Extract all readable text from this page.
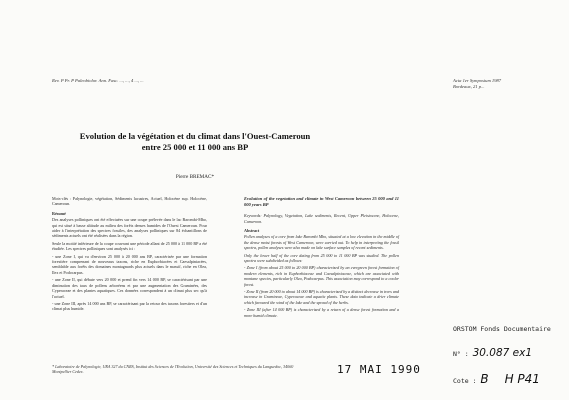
Rev. P Pr. P Paleobiolor. Ann. Fasc. ..., ..., 4 ..., ...	Acta 1er Symposium 1987
Bordeaux, 21 p...
Evolution de la végétation et du climat dans l'Ouest-Cameroun
entre 25 000 et 11 000 ans BP
Pierre BREMAC*
Mots-clés : Palynologie, végétation, Sédiments lacustres, Actuel, Holocène sup. Holocène, Cameroun.
Résumé

Des analyses polliniques ont été effectuées sur une coupe prélevée dans le lac Barombi-Mbo, qui est situé à basse altitude au milieu des forêts denses humides de l'Ouest Cameroun. Pour aider à l'interprétation des spectres fossiles, des analyses polliniques sur 84 échantillons de sédiments actuels ont été réalisées dans la région.

Seule la moitié inférieure de la coupe couvrant une période allant de 25 000 à 11 000 BP a été étudiée. Les spectres polliniques sont analysés ici :

- une Zone I, qui va d'environ 25 000 à 20 000 ans BP, caractérisée par une formation forestière comprenant de nouveaux taxons, riche en Euphorbiacées et Caesalpiniacées, semblable aux forêts des domaines montagnards plus actuels dans le massif, riche en Olea, Ilex et Podocarpus.

- une Zone II, qui débute vers 20 000 et prend fin vers 14 000 BP, se caractérisant par une diminution des taux de pollens arboréens et par une augmentation des Graminées, des Cyperaceae et des plantes aquatiques. Ces données correspondent à un climat plus sec qu'à l'actuel.

- une Zone III, après 14 000 ans BP, se caractérisant par la retour des taxons forestiers et d'un climat plus humide.

Evolution of the vegetation and climate in West Cameroon between 25 000 and 11 000 years BP
Keywords: Palynology, Vegetation, Lake sediments, Recent, Upper Pleistocene, Holocene, Cameroon.
Abstract

Pollen analyses of a core from lake Barombi Mbo, situated at a low elevation in the middle of the dense moist forests of West Cameroon, were carried out. To help in interpreting the fossil spectra, pollen analyses were also made on lake surface samples of recent sediments.

Only the lower half of the core dating from 25 000 to 11 000 BP was studied. The pollen spectra were subdivided as follows:

- Zone I (from about 25 000 to 20 000 BP) characterized by an evergreen forest formation of modern elements, rich in Euphorbiaceae and Caesalpiniaceae, which are associated with montane species, particularly Olea, Podocarpus. This association may correspond to a cooler forest.

- Zone II (from 20 000 to about 14 000 BP) is characterized by a distinct decrease in trees and increase in Gramineae, Cyperaceae and aquatic plants. These data indicate a drier climate which favoured the wind of the lake and the spread of the herbs.

- Zone III (after 14 000 BP) is characterized by a return of a dense forest formation and a more humid climate.

* Laboratoire de Palynologie, URA 327 du CNRS, Institut des Sciences de l'Evolution, Université des Sciences et Techniques du Languedoc, 34060 Montpellier Cedex.	17 MAI 1990
ORSTOM Fonds Documentaire
N° : 30.087 ex1
Cote : B H P41
